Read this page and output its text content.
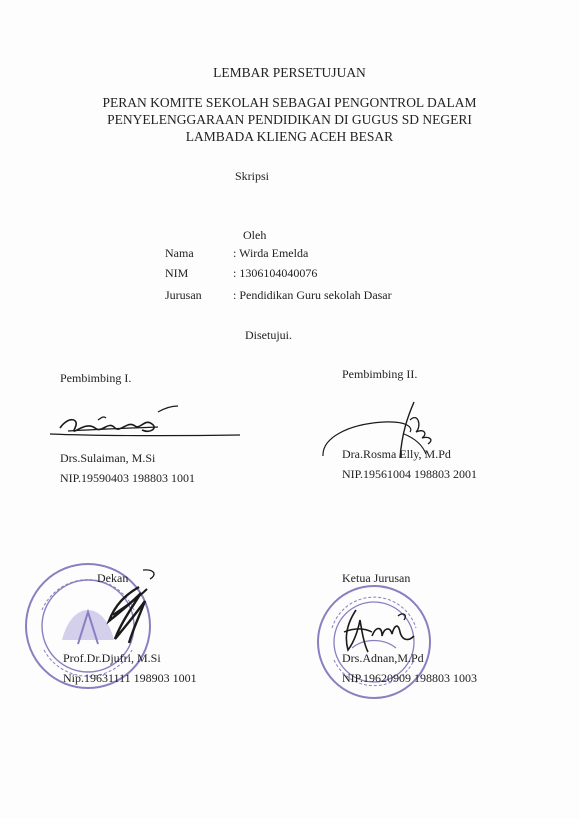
LEMBAR PERSETUJUAN
PERAN KOMITE SEKOLAH SEBAGAI PENGONTROL DALAM
PENYELENGGARAAN PENDIDIKAN DI GUGUS SD NEGERI
LAMBADA KLIENG ACEH BESAR
Skripsi
Oleh
Nama	: Wirda Emelda
NIM	: 1306104040076
Jurusan	: Pendidikan Guru sekolah Dasar
Disetujui.
Pembimbing I.
Drs.Sulaiman, M.Si
NIP.19590403 198803 1001
Pembimbing II.
Dra.Rosma Elly, M.Pd
NIP.19561004 198803 2001
Dekan
Prof.Dr.Djufri, M.Si
Nip.19631111 198903 1001
Ketua Jurusan
Drs.Adnan,M.Pd
NIP.19620909 198803 1003
